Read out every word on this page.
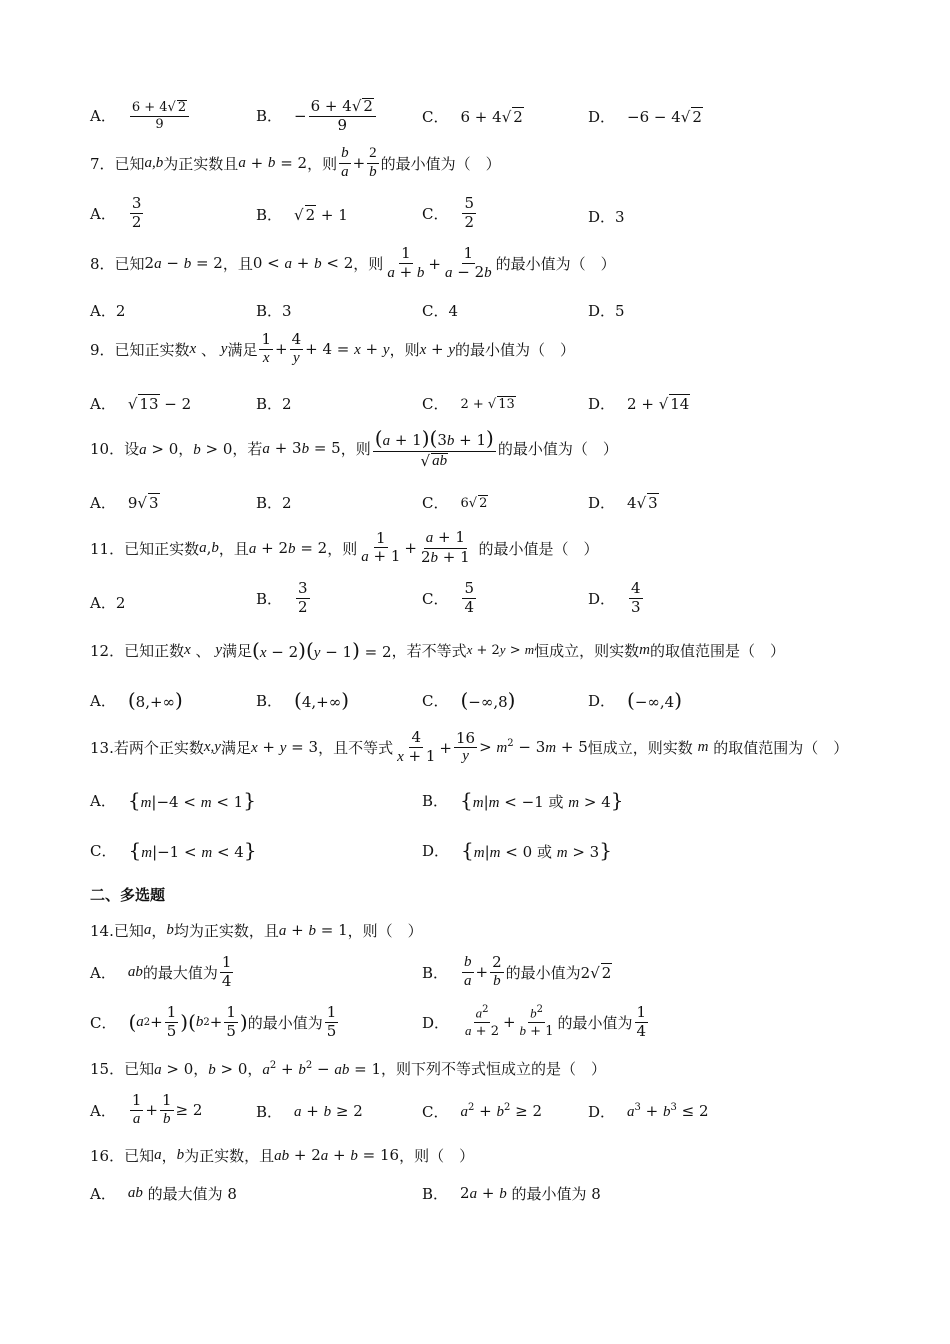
A． $\frac{6 + 4√ 2}{9}$	B． − $\frac{6 + 4√ 2}{9}$	C． 6 + 4√ 2	D． −6 − 4√ 2
7．已知 a,b 为正实数且 a + b = 2 ，则 $\frac{b}{a} + \frac{2}{b}$ 的最小值为（　）
A． $\frac{3}{2}$	B． √ 2 + 1	C． $\frac{5}{2}$	D．3
8．已知 2a − b = 2 ，且 0 < a + b < 2 ，则 $\frac{1}{a + b} + \frac{1}{a - 2b}$ 的最小值为（　）
A．2	B．3	C．4	D．5
9．已知正实数 x 、 y 满足 $\frac{1}{x} + \frac{4}{y} + 4 = x + y$ ，则 x + y 的最小值为（　）
A． √ 13 − 2	B．2	C． 2 + √ 13	D． 2 + √ 14
10．设 a > 0，b > 0 ，若 a + 3b = 5 ，则 $\frac{(a + 1)(3b + 1)}{√ ab}$ 的最小值为（　）
A． 9√ 3	B．2	C． 6√ 2	D． 4√ 3
11．已知正实数 a , b ，且 a + 2b = 2 ，则 $\frac{1}{a + 1} + \frac{a + 1}{2b + 1}$
的最小值是（　）
A．2	B． $\frac{3}{2}$	C． $\frac{5}{4}$	D． $\frac{4}{3}$
12．已知正数 x 、 y 满足 (x − 2)(y − 1) = 2 ，若不等式 x + 2y > m 恒成立，则实数 m 的取值范围是（　）
A． (8,+∞)	B． (4,+∞)	C． (−∞,8)	D． (−∞,4)
13.若两个正实数 x,y 满足 x + y = 3 ，且不等式 $\frac{4}{x + 1} + \frac{16}{y} > m^2 - 3m + 5$ 恒成立，则实数
m
的取值范围为（　）
A． {m|−4 < m < 1}	B． {m|m < −1 或 m > 4}
C． {m|−1 < m < 4}	D． {m|m < 0 或 m > 3}
二、多选题
14.已知 a ， b 均为正实数，且 a + b = 1 ，则（　）
A． ab 的最大值为 $\frac{1}{4}$	B． $\frac{b}{a} + \frac{2}{b}$ 的最小值为 2√ 2
C． ( a $2 + \frac{1}{5}$ ) ( b $2 + \frac{1}{5}$ ) 的最小值为 $\frac{1}{5}$	D． $\frac{a^2}{a + 2} + \frac{b^2}{b + 1}$ 的最小值为 $\frac{1}{4}$
15．已知 a > 0，b > 0，$a^2 + b^2$ − ab = 1 ，则下列不等式恒成立的是（　）
A． $\frac{1}{a} + \frac{1}{b} \ge 2$	B． a + b ≥ 2	C． $a^2 + b^2 \ge 2$	D． $a^3 + b^3 \le 2$
16．已知 a ， b 为正实数，且 ab + 2a + b = 16 ，则（　）
A． ab
的最大值为 8	B． 2a + b
的最小值为 8
